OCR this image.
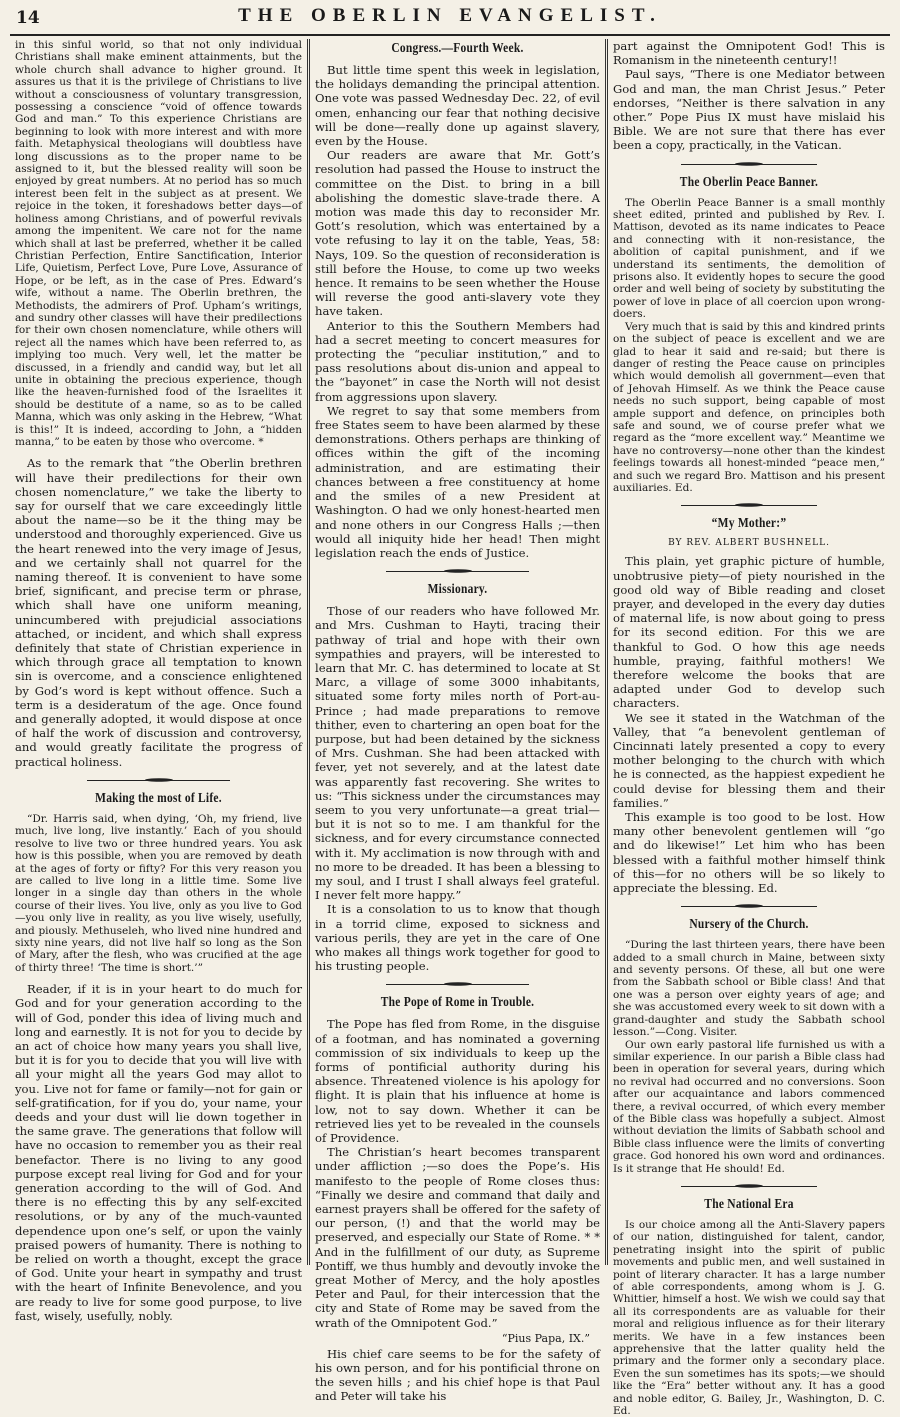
14	THE OBERLIN EVANGELIST.

in this sinful world, so that not only individual Christians shall make eminent attainments, but the whole church shall advance to higher ground. It assures us that it is the privilege of Christians to live without a consciousness of voluntary transgression, possessing a conscience “void of offence towards God and man.” To this experience Christians are beginning to look with more interest and with more faith. Metaphysical theologians will doubtless have long discussions as to the proper name to be assigned to it, but the blessed reality will soon be enjoyed by great numbers. At no period has so much interest been felt in the subject as at present. We rejoice in the token, it foreshadows better days—of holiness among Christians, and of powerful revivals among the impenitent. We care not for the name which shall at last be preferred, whether it be called Christian Perfection, Entire Sanctification, Interior Life, Quietism, Perfect Love, Pure Love, Assurance of Hope, or be left, as in the case of Pres. Edward’s wife, without a name. The Oberlin brethren, the Methodists, the admirers of Prof. Upham’s writings, and sundry other classes will have their predilections for their own chosen nomenclature, while others will reject all the names which have been referred to, as implying too much. Very well, let the matter be discussed, in a friendly and candid way, but let all unite in obtaining the precious experience, though like the heaven-furnished food of the Israelites it should be destitute of a name, so as to be called Manna, which was only asking in the Hebrew, “What is this!” It is indeed, according to John, a “hidden manna,” to be eaten by those who overcome. *

As to the remark that “the Oberlin brethren will have their predilections for their own chosen nomenclature,” we take the liberty to say for ourself that we care exceedingly little about the name—so be it the thing may be understood and thoroughly experienced. Give us the heart renewed into the very image of Jesus, and we certainly shall not quarrel for the naming thereof. It is convenient to have some brief, significant, and precise term or phrase, which shall have one uniform meaning, unincumbered with prejudicial associations attached, or incident, and which shall express definitely that state of Christian experience in which through grace all temptation to known sin is overcome, and a conscience enlightened by God’s word is kept without offence. Such a term is a desideratum of the age. Once found and generally adopted, it would dispose at once of half the work of discussion and controversy, and would greatly facilitate the progress of practical holiness.

Making the most of Life.

“Dr. Harris said, when dying, ‘Oh, my friend, live much, live long, live instantly.’ Each of you should resolve to live two or three hundred years. You ask how is this possible, when you are removed by death at the ages of forty or fifty? For this very reason you are called to live long in a little time. Some live longer in a single day than others in the whole course of their lives. You live, only as you live to God—you only live in reality, as you live wisely, usefully, and piously. Methuseleh, who lived nine hundred and sixty nine years, did not live half so long as the Son of Mary, after the flesh, who was crucified at the age of thirty three! ‘The time is short.’”

Reader, if it is in your heart to do much for God and for your generation according to the will of God, ponder this idea of living much and long and earnestly. It is not for you to decide by an act of choice how many years you shall live, but it is for you to decide that you will live with all your might all the years God may allot to you. Live not for fame or family—not for gain or self-gratification, for if you do, your name, your deeds and your dust will lie down together in the same grave. The generations that follow will have no occasion to remember you as their real benefactor. There is no living to any good purpose except real living for God and for your generation according to the will of God. And there is no effecting this by any self-excited resolutions, or by any of the much-vaunted dependence upon one’s self, or upon the vainly praised powers of humanity. There is nothing to be relied on worth a thought, except the grace of God. Unite your heart in sympathy and trust with the heart of Infinite Benevolence, and you are ready to live for some good purpose, to live fast, wisely, usefully, nobly.

Congress.—Fourth Week.

But little time spent this week in legislation, the holidays demanding the principal attention. One vote was passed Wednesday Dec. 22, of evil omen, enhancing our fear that nothing decisive will be done—really done up against slavery, even by the House.

Our readers are aware that Mr. Gott’s resolution had passed the House to instruct the committee on the Dist. to bring in a bill abolishing the domestic slave-trade there. A motion was made this day to reconsider Mr. Gott’s resolution, which was entertained by a vote refusing to lay it on the table, Yeas, 58: Nays, 109. So the question of reconsideration is still before the House, to come up two weeks hence. It remains to be seen whether the House will reverse the good anti-slavery vote they have taken.

Anterior to this the Southern Members had had a secret meeting to concert measures for protecting the “peculiar institution,” and to pass resolutions about dis-union and appeal to the “bayonet” in case the North will not desist from aggressions upon slavery.

We regret to say that some members from free States seem to have been alarmed by these demonstrations. Others perhaps are thinking of offices within the gift of the incoming administration, and are estimating their chances between a free constituency at home and the smiles of a new President at Washington. O had we only honest-hearted men and none others in our Congress Halls ;—then would all iniquity hide her head! Then might legislation reach the ends of Justice.

Missionary.

Those of our readers who have followed Mr. and Mrs. Cushman to Hayti, tracing their pathway of trial and hope with their own sympathies and prayers, will be interested to learn that Mr. C. has determined to locate at St Marc, a village of some 3000 inhabitants, situated some forty miles north of Port-au-Prince ; had made preparations to remove thither, even to chartering an open boat for the purpose, but had been detained by the sickness of Mrs. Cushman. She had been attacked with fever, yet not severely, and at the latest date was apparently fast recovering. She writes to us: “This sickness under the circumstances may seem to you very unfortunate—a great trial—but it is not so to me. I am thankful for the sickness, and for every circumstance connected with it. My acclimation is now through with and no more to be dreaded. It has been a blessing to my soul, and I trust I shall always feel grateful. I never felt more happy.”

It is a consolation to us to know that though in a torrid clime, exposed to sickness and various perils, they are yet in the care of One who makes all things work together for good to his trusting people.

The Pope of Rome in Trouble.

The Pope has fled from Rome, in the disguise of a footman, and has nominated a governing commission of six individuals to keep up the forms of pontificial authority during his absence. Threatened violence is his apology for flight. It is plain that his influence at home is low, not to say down. Whether it can be retrieved lies yet to be revealed in the counsels of Providence.

The Christian’s heart becomes transparent under affliction ;—so does the Pope’s. His manifesto to the people of Rome closes thus: “Finally we desire and command that daily and earnest prayers shall be offered for the safety of our person, (!) and that the world may be preserved, and especially our State of Rome. * * And in the fulfillment of our duty, as Supreme Pontiff, we thus humbly and devoutly invoke the great Mother of Mercy, and the holy apostles Peter and Paul, for their intercession that the city and State of Rome may be saved from the wrath of the Omnipotent God.”

“Pius Papa, IX.”

His chief care seems to be for the safety of his own person, and for his pontificial throne on the seven hills ; and his chief hope is that Paul and Peter will take his

part against the Omnipotent God! This is Romanism in the nineteenth century!!

Paul says, “There is one Mediator between God and man, the man Christ Jesus.” Peter endorses, “Neither is there salvation in any other.” Pope Pius IX must have mislaid his Bible. We are not sure that there has ever been a copy, practically, in the Vatican.

The Oberlin Peace Banner.

The Oberlin Peace Banner is a small monthly sheet edited, printed and published by Rev. I. Mattison, devoted as its name indicates to Peace and connecting with it non-resistance, the abolition of capital punishment, and if we understand its sentiments, the demolition of prisons also. It evidently hopes to secure the good order and well being of society by substituting the power of love in place of all coercion upon wrong-doers.

Very much that is said by this and kindred prints on the subject of peace is excellent and we are glad to hear it said and re-said; but there is danger of resting the Peace cause on principles which would demolish all government—even that of Jehovah Himself. As we think the Peace cause needs no such support, being capable of most ample support and defence, on principles both safe and sound, we of course prefer what we regard as the “more excellent way.” Meantime we have no controversy—none other than the kindest feelings towards all honest-minded “peace men,” and such we regard Bro. Mattison and his present auxiliaries. Ed.

“My Mother:”
BY REV. ALBERT BUSHNELL.

This plain, yet graphic picture of humble, unobtrusive piety—of piety nourished in the good old way of Bible reading and closet prayer, and developed in the every day duties of maternal life, is now about going to press for its second edition. For this we are thankful to God. O how this age needs humble, praying, faithful mothers! We therefore welcome the books that are adapted under God to develop such characters.

We see it stated in the Watchman of the Valley, that “a benevolent gentleman of Cincinnati lately presented a copy to every mother belonging to the church with which he is connected, as the happiest expedient he could devise for blessing them and their families.”

This example is too good to be lost. How many other benevolent gentlemen will “go and do likewise!” Let him who has been blessed with a faithful mother himself think of this—for no others will be so likely to appreciate the blessing. Ed.

Nursery of the Church.

“During the last thirteen years, there have been added to a small church in Maine, between sixty and seventy persons. Of these, all but one were from the Sabbath school or Bible class! And that one was a person over eighty years of age; and she was accustomed every week to sit down with a grand-daughter and study the Sabbath school lesson.”—Cong. Visiter.

Our own early pastoral life furnished us with a similar experience. In our parish a Bible class had been in operation for several years, during which no revival had occurred and no conversions. Soon after our acquaintance and labors commenced there, a revival occurred, of which every member of the Bible class was hopefully a subject. Almost without deviation the limits of Sabbath school and Bible class influence were the limits of converting grace. God honored his own word and ordinances. Is it strange that He should! Ed.

The National Era

Is our choice among all the Anti-Slavery papers of our nation, distinguished for talent, candor, penetrating insight into the spirit of public movements and public men, and well sustained in point of literary character. It has a large number of able correspondents, among whom is J. G. Whittier, himself a host. We wish we could say that all its correspondents are as valuable for their moral and religious influence as for their literary merits. We have in a few instances been apprehensive that the latter quality held the primary and the former only a secondary place. Even the sun sometimes has its spots;—we should like the “Era” better without any. It has a good and noble editor, G. Bailey, Jr., Washington, D. C. Ed.
